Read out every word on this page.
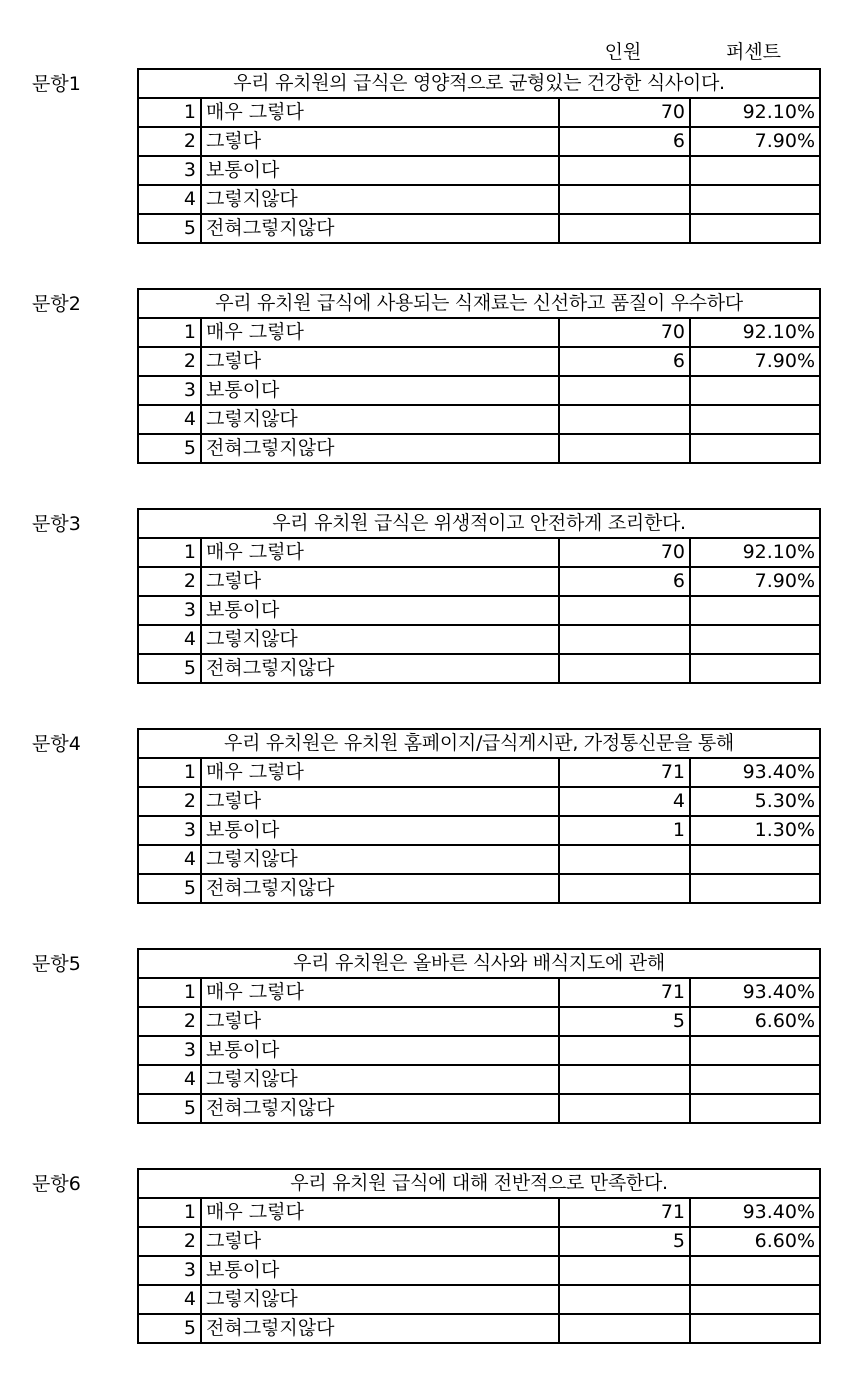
인원	퍼센트
문항1	우리 유치원의 급식은 영양적으로 균형있는 건강한 식사이다.			
1	매우 그렇다	70	92.10%
2	그렇다	6	7.90%
3	보통이다		
4	그렇지않다		
5	전혀그렇지않다		
문항2	우리 유치원 급식에 사용되는 식재료는 신선하고 품질이 우수하다			
1	매우 그렇다	70	92.10%
2	그렇다	6	7.90%
3	보통이다		
4	그렇지않다		
5	전혀그렇지않다		
문항3	우리 유치원 급식은 위생적이고 안전하게 조리한다.			
1	매우 그렇다	70	92.10%
2	그렇다	6	7.90%
3	보통이다		
4	그렇지않다		
5	전혀그렇지않다		
문항4	우리 유치원은 유치원 홈페이지/급식게시판, 가정통신문을 통해			
1	매우 그렇다	71	93.40%
2	그렇다	4	5.30%
3	보통이다	1	1.30%
4	그렇지않다		
5	전혀그렇지않다		
문항5	우리 유치원은 올바른 식사와 배식지도에 관해			
1	매우 그렇다	71	93.40%
2	그렇다	5	6.60%
3	보통이다		
4	그렇지않다		
5	전혀그렇지않다		
문항6	우리 유치원 급식에 대해 전반적으로 만족한다.			
1	매우 그렇다	71	93.40%
2	그렇다	5	6.60%
3	보통이다		
4	그렇지않다		
5	전혀그렇지않다		
